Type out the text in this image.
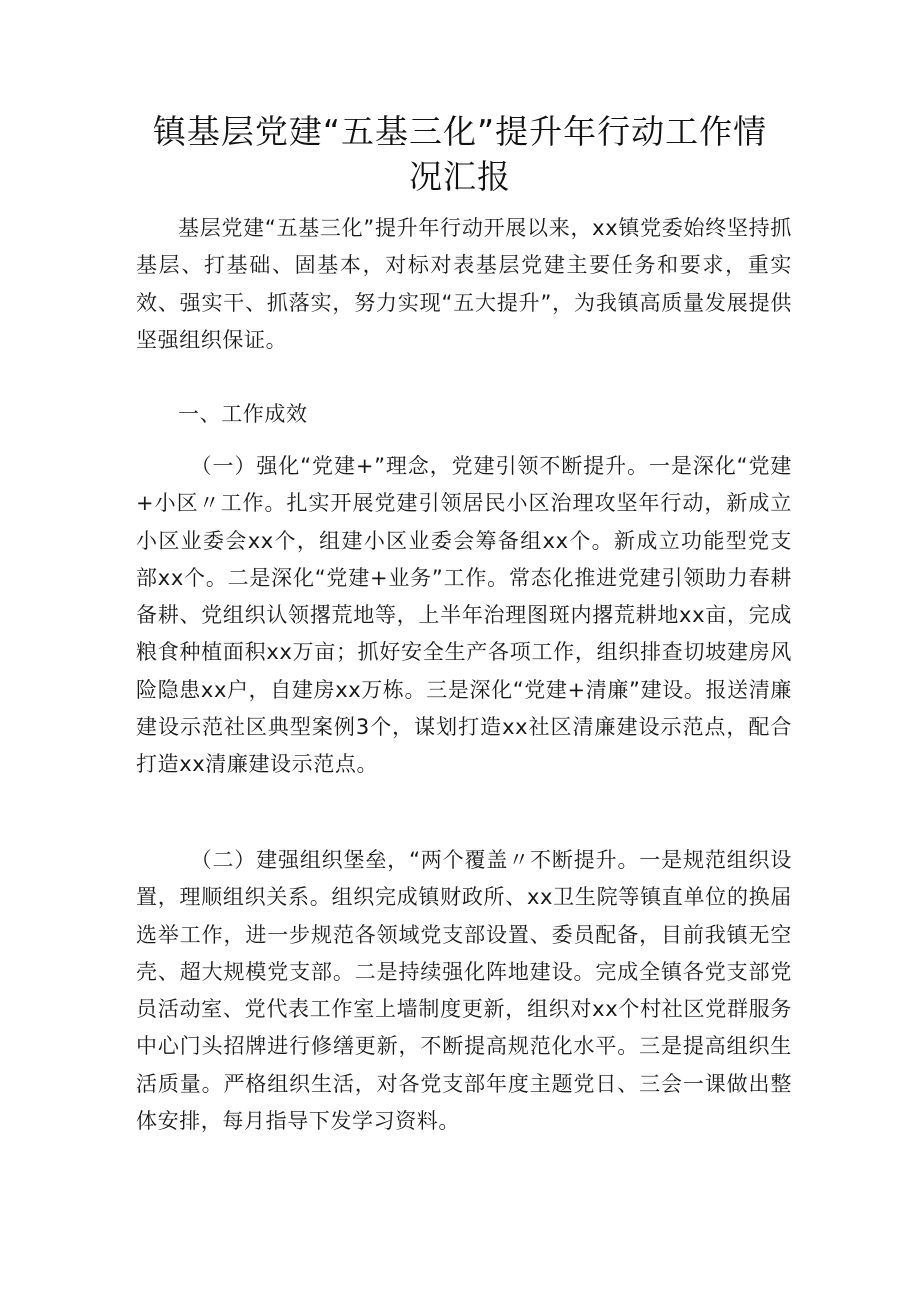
镇基层党建“五基三化”提升年行动工作情
况汇报

基层党建“五基三化”提升年行动开展以来，xx镇党委始终坚持抓基层、打基础、固基本，对标对表基层党建主要任务和要求，重实效、强实干、抓落实，努力实现“五大提升”，为我镇高质量发展提供坚强组织保证。

一、工作成效

（一）强化“党建+”理念，党建引领不断提升。一是深化“党建+小区〃工作。扎实开展党建引领居民小区治理攻坚年行动，新成立小区业委会xx个，组建小区业委会筹备组xx个。新成立功能型党支部xx个。二是深化“党建+业务”工作。常态化推进党建引领助力春耕备耕、党组织认领撂荒地等，上半年治理图斑内撂荒耕地xx亩，完成粮食种植面积xx万亩；抓好安全生产各项工作，组织排查切坡建房风险隐患xx户，自建房xx万栋。三是深化“党建+清廉”建设。报送清廉建设示范社区典型案例3个，谋划打造xx社区清廉建设示范点，配合打造xx清廉建设示范点。

（二）建强组织堡垒，“两个覆盖〃不断提升。一是规范组织设置，理顺组织关系。组织完成镇财政所、xx卫生院等镇直单位的换届选举工作，进一步规范各领域党支部设置、委员配备，目前我镇无空壳、超大规模党支部。二是持续强化阵地建设。完成全镇各党支部党员活动室、党代表工作室上墙制度更新，组织对xx个村社区党群服务中心门头招牌进行修缮更新，不断提高规范化水平。三是提高组织生活质量。严格组织生活，对各党支部年度主题党日、三会一课做出整体安排，每月指导下发学习资料。
